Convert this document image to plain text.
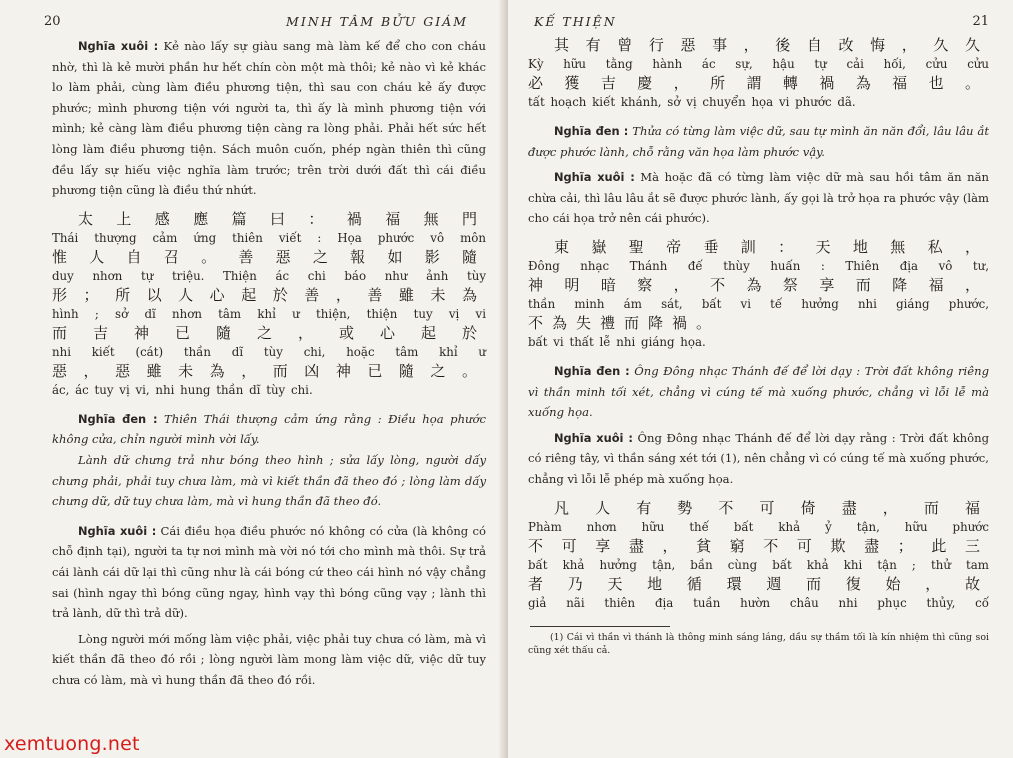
20	MINH TÂM BỬU GIÁM

Nghĩa xuôi : Kẻ nào lấy sự giàu sang mà làm kế để cho con cháu nhờ, thì là kẻ mười phần hư hết chín còn một mà thôi; kẻ nào vì kẻ khác lo làm phải, cùng làm điều phương tiện, thì sau con cháu kẻ ấy được phước; mình phương tiện với người ta, thì ấy là mình phương tiện với mình; kẻ càng làm điều phương tiện càng ra lòng phải. Phải hết sức hết lòng làm điều phương tiện. Sách muôn cuốn, phép ngàn thiên thì cũng đều lấy sự hiếu việc nghĩa làm trước; trên trời dưới đất thì cái điều phương tiện cũng là điều thứ nhứt.

太上感應篇曰：禍福無門

Thái thượng cảm ứng thiên viết : Họa phước vô môn

惟人自召。善惡之報如影隨

duy nhơn tự triệu. Thiện ác chi báo như ảnh tùy

形；所以人心起於善，善雖未為

hình ; sở dĩ nhơn tâm khỉ ư thiện, thiện tuy vị vi

而吉神已隨之，或心起於

nhi kiết (cát) thần dĩ tùy chi, hoặc tâm khỉ ư

惡，惡雖未為，而凶神已隨之。

ác, ác tuy vị vi, nhi hung thần dĩ tùy chi.

Nghĩa đen : Thiên Thái thượng cảm ứng rằng : Điều họa phước không cửa, chỉn người mình vời lấy.

Lành dữ chưng trả như bóng theo hình ; sửa lấy lòng, người dấy chưng phải, phải tuy chưa làm, mà vì kiết thần đã theo đó ; lòng làm dấy chưng dữ, dữ tuy chưa làm, mà vì hung thần đã theo đó.

Nghĩa xuôi : Cái điều họa điều phước nó không có cửa (là không có chỗ định tại), người ta tự nơi mình mà vời nó tới cho mình mà thôi. Sự trả cái lành cái dữ lại thì cũng như là cái bóng cứ theo cái hình nó vậy chẳng sai (hình ngay thì bóng cũng ngay, hình vạy thì bóng cũng vạy ; lành thì trả lành, dữ thì trả dữ).

Lòng người mới mống làm việc phải, việc phải tuy chưa có làm, mà vì kiết thần đã theo đó rồi ; lòng người làm mong làm việc dữ, việc dữ tuy chưa có làm, mà vì hung thần đã theo đó rồi.

KẾ THIỆN	21

其有曾行惡事，後自改悔，久久

Kỳ hữu tằng hành ác sự, hậu tự cải hối, cửu cửu

必獲吉慶，所謂轉禍為福也。

tất hoạch kiết khánh, sở vị chuyển họa vi phước dã.

Nghĩa đen : Thửa có từng làm việc dữ, sau tự mình ăn năn đổi, lâu lâu ắt được phước lành, chỗ rằng văn họa làm phước vậy.

Nghĩa xuôi : Mà hoặc đã có từng làm việc dữ mà sau hồi tâm ăn năn chừa cải, thì lâu lâu ắt sẽ được phước lành, ấy gọi là trở họa ra phước vậy (làm cho cái họa trở nên cái phước).

東嶽聖帝垂訓：天地無私，

Đông nhạc Thánh đế thùy huấn : Thiên địa vô tư,

神明暗察，不為祭享而降福，

thần minh ám sát, bất vi tế hưởng nhi giáng phước,

不為失禮而降禍。

bất vi thất lễ nhi giáng họa.

Nghĩa đen : Ông Đông nhạc Thánh đế để lời dạy : Trời đất không riêng vì thần minh tối xét, chẳng vì cúng tế mà xuống phước, chẳng vì lỗi lễ mà xuống họa.

Nghĩa xuôi : Ông Đông nhạc Thánh đế để lời dạy rằng : Trời đất không có riêng tây, vì thần sáng xét tới (1), nên chẳng vì có cúng tế mà xuống phước, chẳng vì lỗi lễ phép mà xuống họa.

凡人有勢不可倚盡，而福

Phàm nhơn hữu thế bất khả ỷ tận, hữu phước

不可享盡，貧窮不可欺盡；此三

bất khả hưởng tận, bần cùng bất khả khi tận ; thử tam

者乃天地循環週而復始，故

giả nãi thiên địa tuần hườn châu nhi phục thủy, cố

(1) Cái vì thần vì thánh là thông minh sáng láng, dầu sự thầm tối là kín nhiệm thì cũng soi cũng xét thấu cả.

xemtuong.net
